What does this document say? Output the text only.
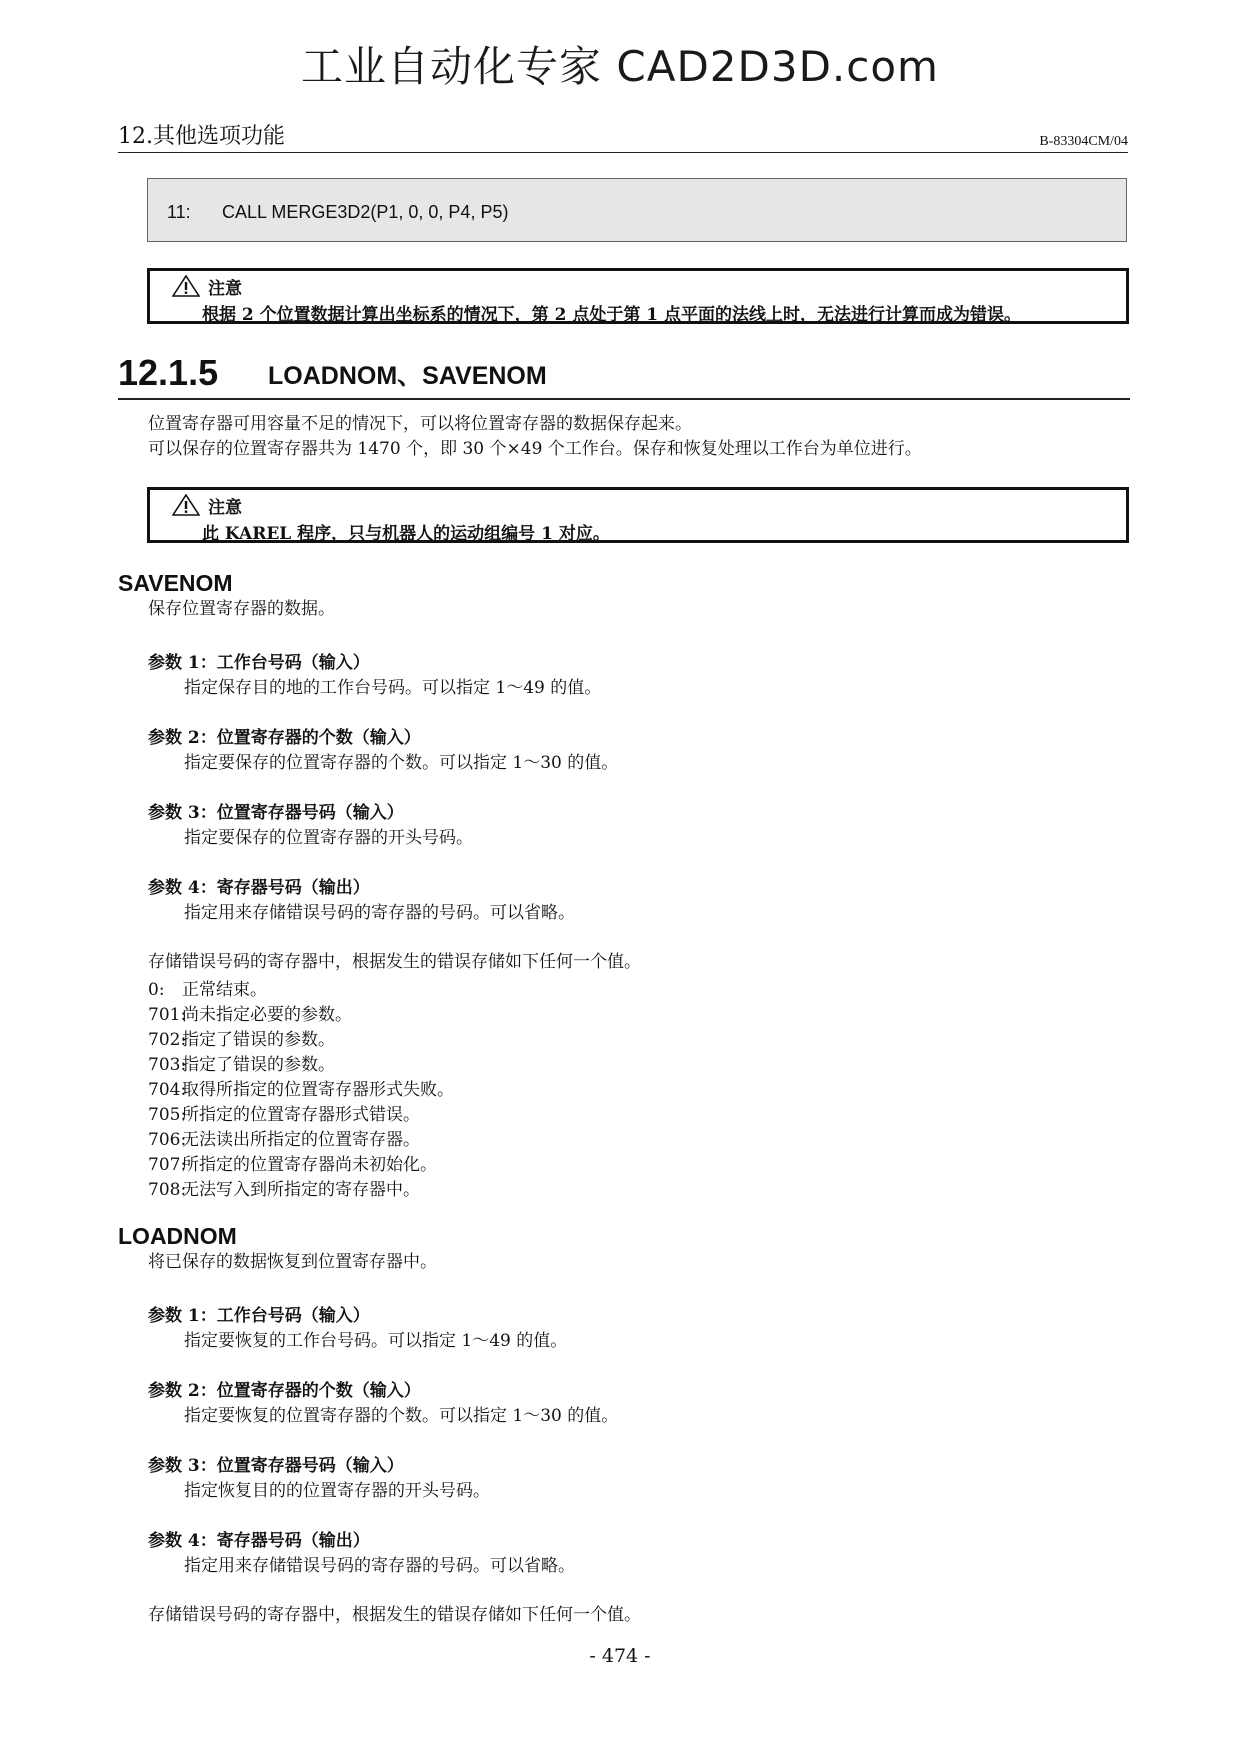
工业自动化专家 CAD2D3D.com
12.其他选项功能	B-83304CM/04
11: CALL MERGE3D2(P1, 0, 0, P4, P5)
注意
根据 2 个位置数据计算出坐标系的情况下，第 2 点处于第 1 点平面的法线上时，无法进行计算而成为错误。
12.1.5 LOADNOM、SAVENOM
位置寄存器可用容量不足的情况下，可以将位置寄存器的数据保存起来。
可以保存的位置寄存器共为 1470 个，即 30 个×49 个工作台。保存和恢复处理以工作台为单位进行。
注意
此 KAREL 程序，只与机器人的运动组编号 1 对应。
SAVENOM
保存位置寄存器的数据。
参数 1：工作台号码（输入）
指定保存目的地的工作台号码。可以指定 1～49 的值。
参数 2：位置寄存器的个数（输入）
指定要保存的位置寄存器的个数。可以指定 1～30 的值。
参数 3：位置寄存器号码（输入）
指定要保存的位置寄存器的开头号码。
参数 4：寄存器号码（输出）
指定用来存储错误号码的寄存器的号码。可以省略。
存储错误号码的寄存器中，根据发生的错误存储如下任何一个值。
0:	正常结束。
701:
尚未指定必要的参数。
702:
指定了错误的参数。
703:
指定了错误的参数。
704:
取得所指定的位置寄存器形式失败。
705:
所指定的位置寄存器形式错误。
706:
无法读出所指定的位置寄存器。
707:
所指定的位置寄存器尚未初始化。
708:
无法写入到所指定的寄存器中。
LOADNOM
将已保存的数据恢复到位置寄存器中。
参数 1：工作台号码（输入）
指定要恢复的工作台号码。可以指定 1～49 的值。
参数 2：位置寄存器的个数（输入）
指定要恢复的位置寄存器的个数。可以指定 1～30 的值。
参数 3：位置寄存器号码（输入）
指定恢复目的的位置寄存器的开头号码。
参数 4：寄存器号码（输出）
指定用来存储错误号码的寄存器的号码。可以省略。
存储错误号码的寄存器中，根据发生的错误存储如下任何一个值。
- 474 -
